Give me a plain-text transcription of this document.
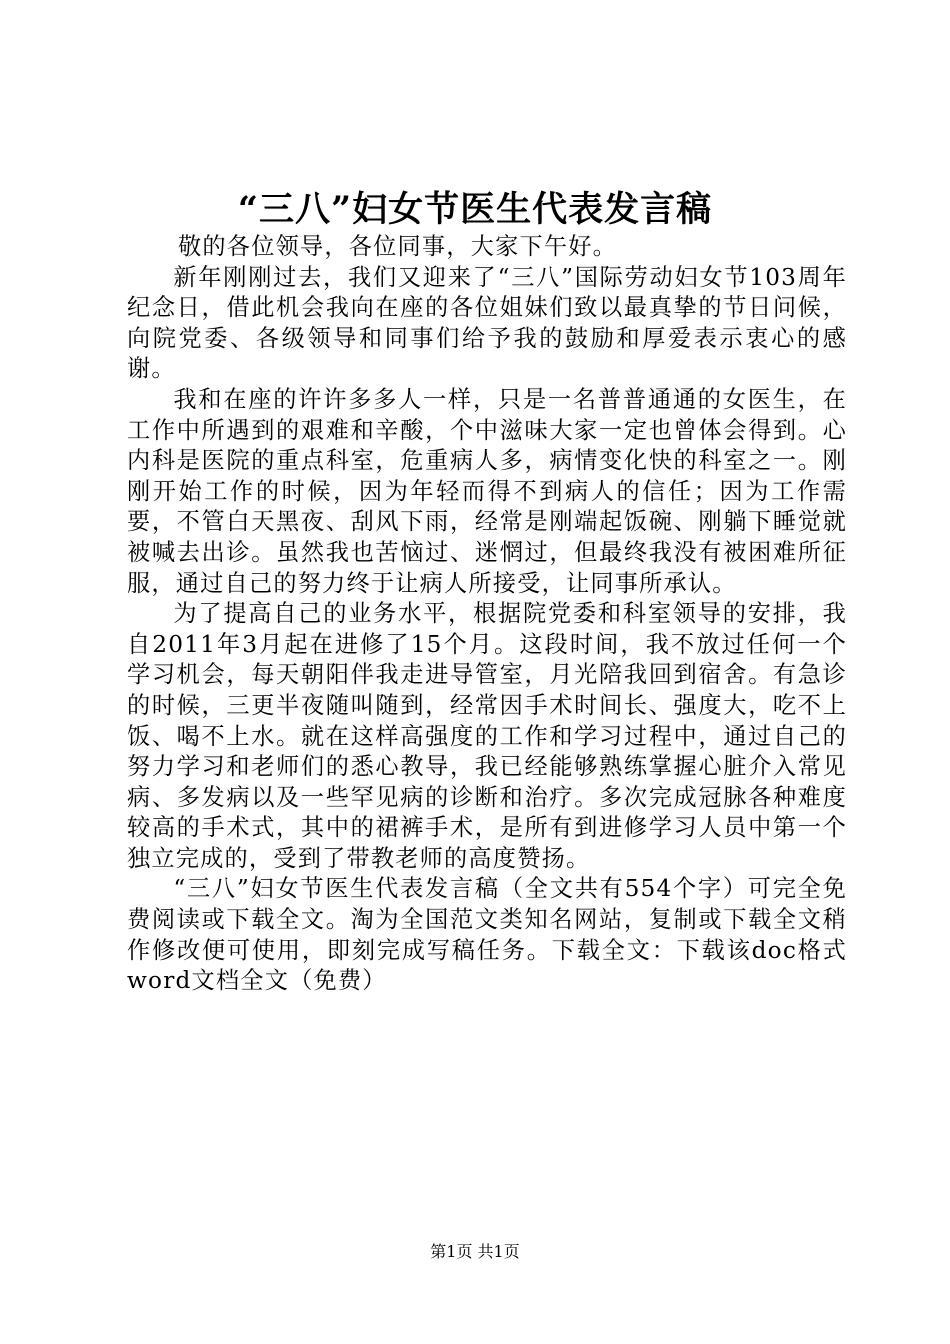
“三八”妇女节医生代表发言稿

敬的各位领导，各位同事，大家下午好。

新年刚刚过去，我们又迎来了“三八”国际劳动妇女节103周年纪念日，借此机会我向在座的各位姐妹们致以最真挚的节日问候，向院党委、各级领导和同事们给予我的鼓励和厚爱表示衷心的感谢。

我和在座的许许多多人一样，只是一名普普通通的女医生，在工作中所遇到的艰难和辛酸，个中滋味大家一定也曾体会得到。心内科是医院的重点科室，危重病人多，病情变化快的科室之一。刚刚开始工作的时候，因为年轻而得不到病人的信任；因为工作需要，不管白天黑夜、刮风下雨，经常是刚端起饭碗、刚躺下睡觉就被喊去出诊。虽然我也苦恼过、迷惘过，但最终我没有被困难所征服，通过自己的努力终于让病人所接受，让同事所承认。

为了提高自己的业务水平，根据院党委和科室领导的安排，我自2011年3月起在进修了15个月。这段时间，我不放过任何一个学习机会，每天朝阳伴我走进导管室，月光陪我回到宿舍。有急诊的时候，三更半夜随叫随到，经常因手术时间长、强度大，吃不上饭、喝不上水。就在这样高强度的工作和学习过程中，通过自己的努力学习和老师们的悉心教导，我已经能够熟练掌握心脏介入常见病、多发病以及一些罕见病的诊断和治疗。多次完成冠脉各种难度较高的手术式，其中的裙裤手术，是所有到进修学习人员中第一个独立完成的，受到了带教老师的高度赞扬。

“三八”妇女节医生代表发言稿（全文共有554个字）可完全免费阅读或下载全文。淘为全国范文类知名网站，复制或下载全文稍作修改便可使用，即刻完成写稿任务。下载全文：下载该doc格式word文档全文（免费）

第1页 共1页
